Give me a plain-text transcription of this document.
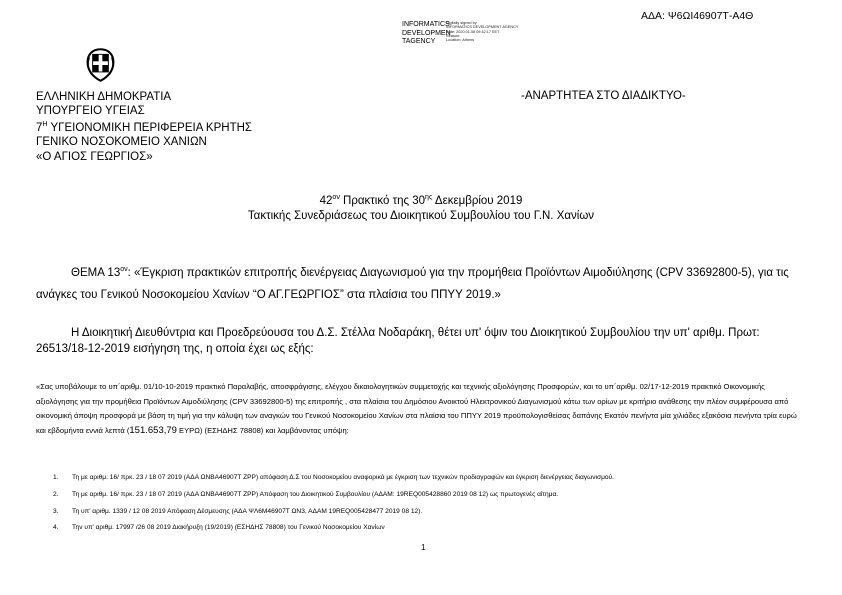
ΑΔΑ: Ψ6ΩΙ46907Τ-Α4Θ
INFORMATICS
DEVELOPMEN
TAGENCY
Digitally signed by
INFORMATICS DEVELOPMENT AGENCY
Date: 2020.01.08 09:42:17 EET
Reason:
Location: Athens
ΕΛΛΗΝΙΚΗ ΔΗΜΟΚΡΑΤΙΑ
ΥΠΟΥΡΓΕΙΟ ΥΓΕΙΑΣ
$7^H$ ΥΓΕΙΟΝΟΜΙΚΗ ΠΕΡΙΦΕΡΕΙΑ ΚΡΗΤΗΣ
ΓΕΝΙΚΟ ΝΟΣΟΚΟΜΕΙΟ ΧΑΝΙΩΝ
«Ο ΑΓΙΟΣ ΓΕΩΡΓΙΟΣ»
-ΑΝΑΡΤΗΤΕΑ ΣΤΟ ΔΙΑΔΙΚΤΥΟ-
$42^{o\nu}$ Πρακτικό της $30^{\eta\varsigma}$ Δεκεμβρίου 2019
Τακτικής Συνεδριάσεως του Διοικητικού Συμβουλίου του Γ.Ν. Χανίων
ΘΕΜΑ $13^{o\nu}$: «Έγκριση πρακτικών επιτροπής διενέργειας Διαγωνισμού για την προμήθεια Προϊόντων Αιμοδιύλησης (CPV 33692800-5), για τις ανάγκες του Γενικού Νοσοκομείου Χανίων “Ο ΑΓ.ΓΕΩΡΓΙΟΣ” στα πλαίσια του ΠΠΥΥ 2019.»
Η Διοικητική Διευθύντρια και Προεδρεύουσα του Δ.Σ. Στέλλα Νοδαράκη, θέτει υπ' όψιν του Διοικητικού Συμβουλίου την υπ' αριθμ. Πρωτ: 26513/18-12-2019 εισήγηση της, η οποία έχει ως εξής:
«Σας υποβάλουμε το υπ΄αριθμ. 01/10-10-2019 πρακτικό Παραλαβής, αποσφράγισης, ελέγχου δικαιολογητικών συμμετοχής και τεχνικής αξιολόγησης Προσφορών, και το υπ΄αριθμ. 02/17-12-2019 πρακτικό Οικονομικής αξιολόγησης για την προμήθεια Προϊόντων Αιμοδιύλησης (CPV 33692800-5) της επιτροπής , στα πλαίσια του Δημόσιου Ανοικτού Ηλεκτρονικού Διαγωνισμού κάτω των ορίων με κριτήριο ανάθεσης την πλέον συμφέρουσα από οικονομική άποψη προσφορά με βάση τη τιμή για την κάλυψη των αναγκών του Γενικού Νοσοκομείου Χανίων στα πλαίσια του ΠΠΥΥ 2019 προϋπολογισθείσας δαπάνης Εκατόν πενήντα μία χιλιάδες εξακόσια πενήντα τρία ευρώ και εβδομήντα εννιά λεπτά (151.653,79 ΕΥΡΩ) (ΕΣΗΔΗΣ 78808) και λαμβάνοντας υπόψη:
1. Τη με αριθμ. 16/ πρκ. 23 / 18 07 2019 (ΑΔΑ ΩΝΒΑ46907Τ ΖΡΡ) απόφαση Δ.Σ του Νοσοκομείου αναφορικά με έγκριση των τεχνικών προδιαγραφών και έγκριση διενέργειας διαγωνισμού.
2. Τη με αριθμ. 16/ πρκ. 23 / 18 07 2019 (ΑΔΑ ΩΝΒΑ46907Τ ΖΡΡ) Απόφαση του Διοικητικού Συμβουλίου (ΑΔΑΜ: 19REQ005428860 2019 08 12) ως πρωτογενές αίτημα.
3. Τη υπ' αριθμ. 1339 / 12 08 2019 Απόφαση Δέσμευσης (ΑΔΑ ΨΛ6Μ46907Τ ΩΝ3, ΑΔΑΜ 19REQ005428477 2019 08 12).
4. Την υπ' αριθμ. 17997 /26 08 2019 Διακήρυξη (19/2019) (ΕΣΗΔΗΣ 78808) του Γενικού Νοσοκομείου Χανίων
1
